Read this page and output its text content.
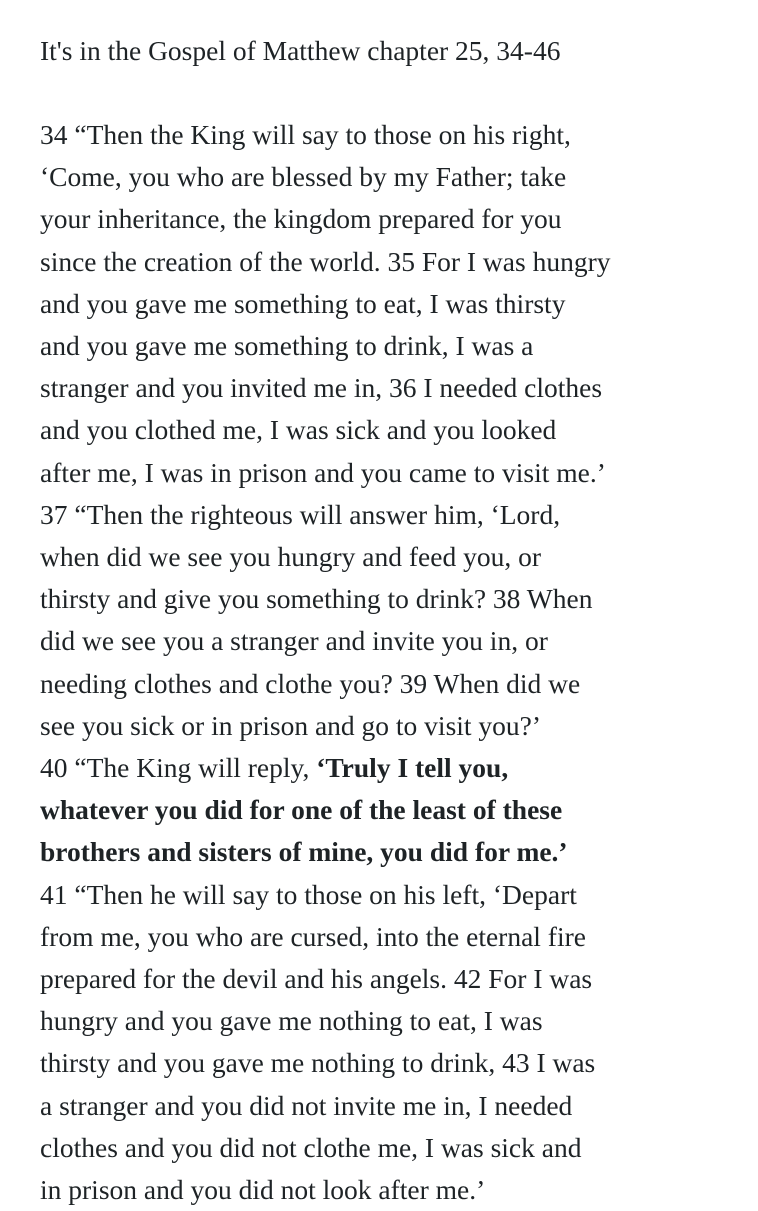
It's in the Gospel of Matthew chapter 25, 34-46

34 “Then the King will say to those on his right,
‘Come, you who are blessed by my Father; take
your inheritance, the kingdom prepared for you
since the creation of the world. 35 For I was hungry
and you gave me something to eat, I was thirsty
and you gave me something to drink, I was a
stranger and you invited me in, 36 I needed clothes
and you clothed me, I was sick and you looked
after me, I was in prison and you came to visit me.’
37 “Then the righteous will answer him, ‘Lord,
when did we see you hungry and feed you, or
thirsty and give you something to drink? 38 When
did we see you a stranger and invite you in, or
needing clothes and clothe you? 39 When did we
see you sick or in prison and go to visit you?’
40 “The King will reply, ‘Truly I tell you,
whatever you did for one of the least of these
brothers and sisters of mine, you did for me.’
41 “Then he will say to those on his left, ‘Depart
from me, you who are cursed, into the eternal fire
prepared for the devil and his angels. 42 For I was
hungry and you gave me nothing to eat, I was
thirsty and you gave me nothing to drink, 43 I was
a stranger and you did not invite me in, I needed
clothes and you did not clothe me, I was sick and
in prison and you did not look after me.’
